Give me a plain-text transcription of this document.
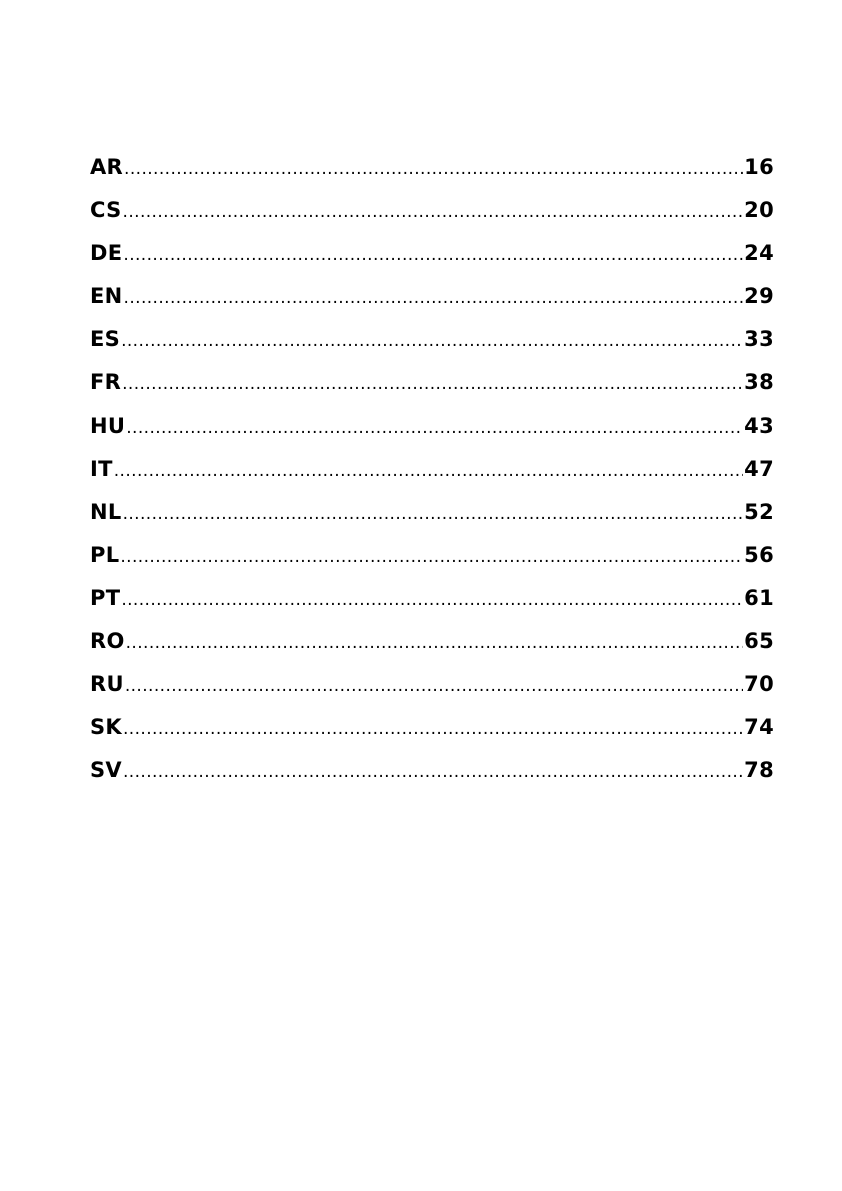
AR .....	16
CS .....	20
DE .....	24
EN .....	29
ES .....	33
FR .....	38
HU .....	43
IT .....	47
NL .....	52
PL .....	56
PT .....	61
RO .....	65
RU .....	70
SK .....	74
SV .....	78
